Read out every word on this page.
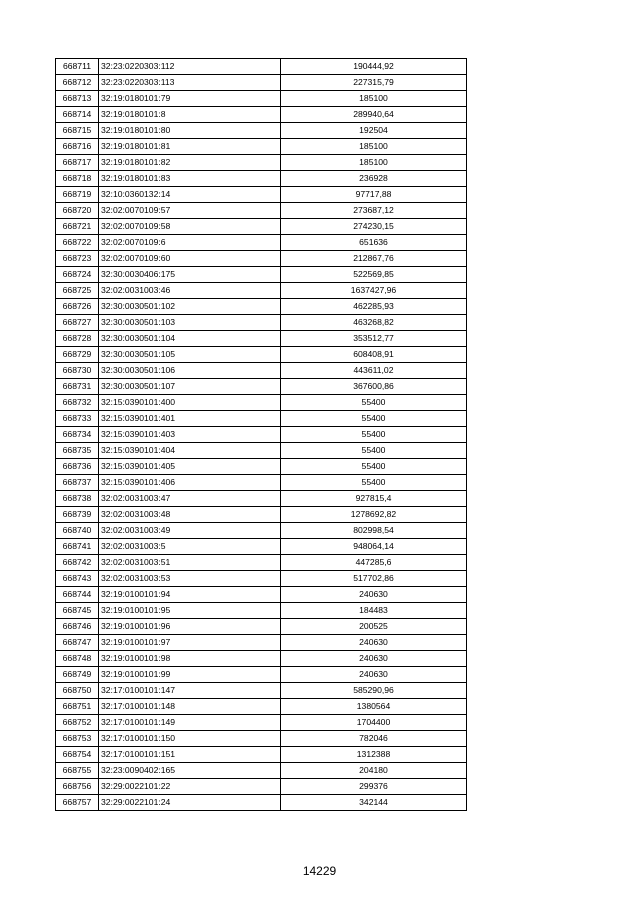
668711	32:23:0220303:112	190444,92
668712	32:23:0220303:113	227315,79
668713	32:19:0180101:79	185100
668714	32:19:0180101:8	289940,64
668715	32:19:0180101:80	192504
668716	32:19:0180101:81	185100
668717	32:19:0180101:82	185100
668718	32:19:0180101:83	236928
668719	32:10:0360132:14	97717,88
668720	32:02:0070109:57	273687,12
668721	32:02:0070109:58	274230,15
668722	32:02:0070109:6	651636
668723	32:02:0070109:60	212867,76
668724	32:30:0030406:175	522569,85
668725	32:02:0031003:46	1637427,96
668726	32:30:0030501:102	462285,93
668727	32:30:0030501:103	463268,82
668728	32:30:0030501:104	353512,77
668729	32:30:0030501:105	608408,91
668730	32:30:0030501:106	443611,02
668731	32:30:0030501:107	367600,86
668732	32:15:0390101:400	55400
668733	32:15:0390101:401	55400
668734	32:15:0390101:403	55400
668735	32:15:0390101:404	55400
668736	32:15:0390101:405	55400
668737	32:15:0390101:406	55400
668738	32:02:0031003:47	927815,4
668739	32:02:0031003:48	1278692,82
668740	32:02:0031003:49	802998,54
668741	32:02:0031003:5	948064,14
668742	32:02:0031003:51	447285,6
668743	32:02:0031003:53	517702,86
668744	32:19:0100101:94	240630
668745	32:19:0100101:95	184483
668746	32:19:0100101:96	200525
668747	32:19:0100101:97	240630
668748	32:19:0100101:98	240630
668749	32:19:0100101:99	240630
668750	32:17:0100101:147	585290,96
668751	32:17:0100101:148	1380564
668752	32:17:0100101:149	1704400
668753	32:17:0100101:150	782046
668754	32:17:0100101:151	1312388
668755	32:23:0090402:165	204180
668756	32:29:0022101:22	299376
668757	32:29:0022101:24	342144
14229
